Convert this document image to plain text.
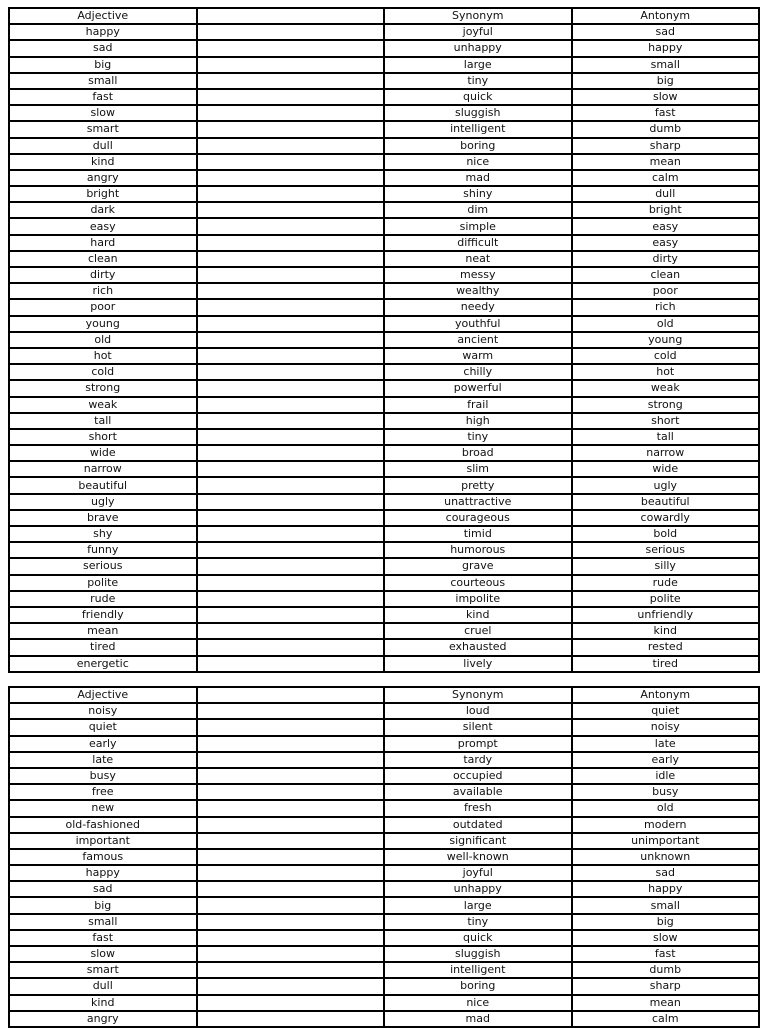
Adjective		Synonym	Antonym
happy		joyful	sad
sad		unhappy	happy
big		large	small
small		tiny	big
fast		quick	slow
slow		sluggish	fast
smart		intelligent	dumb
dull		boring	sharp
kind		nice	mean
angry		mad	calm
bright		shiny	dull
dark		dim	bright
easy		simple	easy
hard		difficult	easy
clean		neat	dirty
dirty		messy	clean
rich		wealthy	poor
poor		needy	rich
young		youthful	old
old		ancient	young
hot		warm	cold
cold		chilly	hot
strong		powerful	weak
weak		frail	strong
tall		high	short
short		tiny	tall
wide		broad	narrow
narrow		slim	wide
beautiful		pretty	ugly
ugly		unattractive	beautiful
brave		courageous	cowardly
shy		timid	bold
funny		humorous	serious
serious		grave	silly
polite		courteous	rude
rude		impolite	polite
friendly		kind	unfriendly
mean		cruel	kind
tired		exhausted	rested
energetic		lively	tired
Adjective		Synonym	Antonym
noisy		loud	quiet
quiet		silent	noisy
early		prompt	late
late		tardy	early
busy		occupied	idle
free		available	busy
new		fresh	old
old-fashioned		outdated	modern
important		significant	unimportant
famous		well-known	unknown
happy		joyful	sad
sad		unhappy	happy
big		large	small
small		tiny	big
fast		quick	slow
slow		sluggish	fast
smart		intelligent	dumb
dull		boring	sharp
kind		nice	mean
angry		mad	calm
